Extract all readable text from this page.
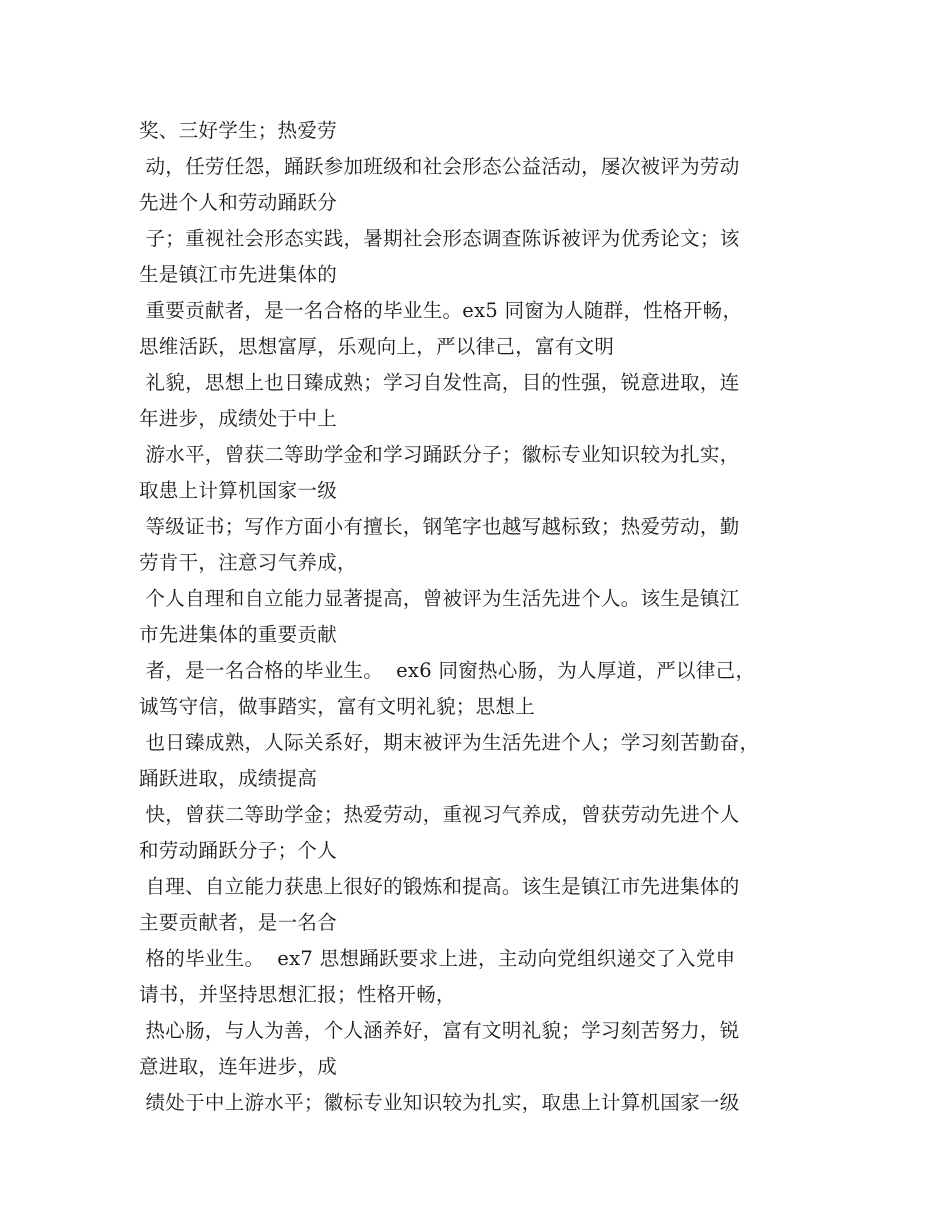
奖、三好学生；热爱劳
动，任劳任怨，踊跃参加班级和社会形态公益活动，屡次被评为劳动
先进个人和劳动踊跃分
子；重视社会形态实践，暑期社会形态调查陈诉被评为优秀论文；该
生是镇江市先进集体的
重要贡献者，是一名合格的毕业生。ex5 同窗为人随群，性格开畅，
思维活跃，思想富厚，乐观向上，严以律己，富有文明
礼貌，思想上也日臻成熟；学习自发性高，目的性强，锐意进取，连
年进步，成绩处于中上
游水平，曾获二等助学金和学习踊跃分子；徽标专业知识较为扎实，
取患上计算机国家一级
等级证书；写作方面小有擅长，钢笔字也越写越标致；热爱劳动，勤
劳肯干，注意习气养成，
个人自理和自立能力显著提高，曾被评为生活先进个人。该生是镇江
市先进集体的重要贡献
者，是一名合格的毕业生。  ex6 同窗热心肠，为人厚道，严以律己，
诚笃守信，做事踏实，富有文明礼貌；思想上
也日臻成熟，人际关系好，期末被评为生活先进个人；学习刻苦勤奋，
踊跃进取，成绩提高
快，曾获二等助学金；热爱劳动，重视习气养成，曾获劳动先进个人
和劳动踊跃分子；个人
自理、自立能力获患上很好的锻炼和提高。该生是镇江市先进集体的
主要贡献者，是一名合
格的毕业生。  ex7 思想踊跃要求上进，主动向党组织递交了入党申
请书，并坚持思想汇报；性格开畅，
热心肠，与人为善，个人涵养好，富有文明礼貌；学习刻苦努力，锐
意进取，连年进步，成
绩处于中上游水平；徽标专业知识较为扎实，取患上计算机国家一级
